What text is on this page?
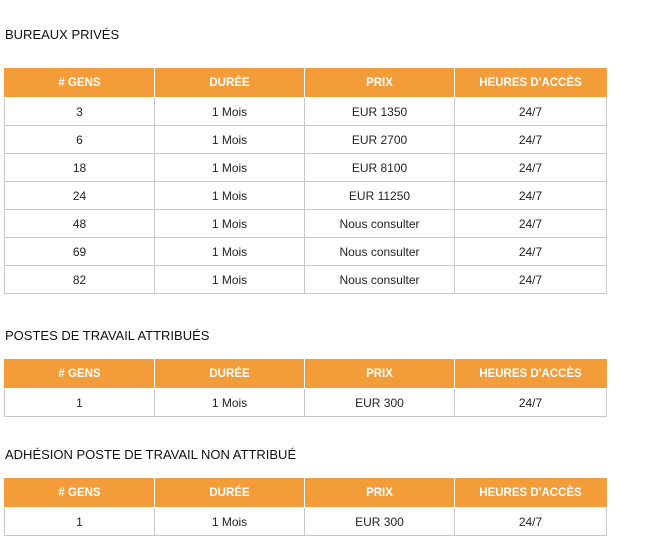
BUREAUX PRIVÉS
# GENS	DURÉE	PRIX	HEURES D'ACCÈS
3	1 Mois	EUR 1350	24/7
6	1 Mois	EUR 2700	24/7
18	1 Mois	EUR 8100	24/7
24	1 Mois	EUR 11250	24/7
48	1 Mois	Nous consulter	24/7
69	1 Mois	Nous consulter	24/7
82	1 Mois	Nous consulter	24/7
POSTES DE TRAVAIL ATTRIBUÉS
# GENS	DURÉE	PRIX	HEURES D'ACCÈS
1	1 Mois	EUR 300	24/7
ADHÉSION POSTE DE TRAVAIL NON ATTRIBUÉ
# GENS	DURÉE	PRIX	HEURES D'ACCÈS
1	1 Mois	EUR 300	24/7
